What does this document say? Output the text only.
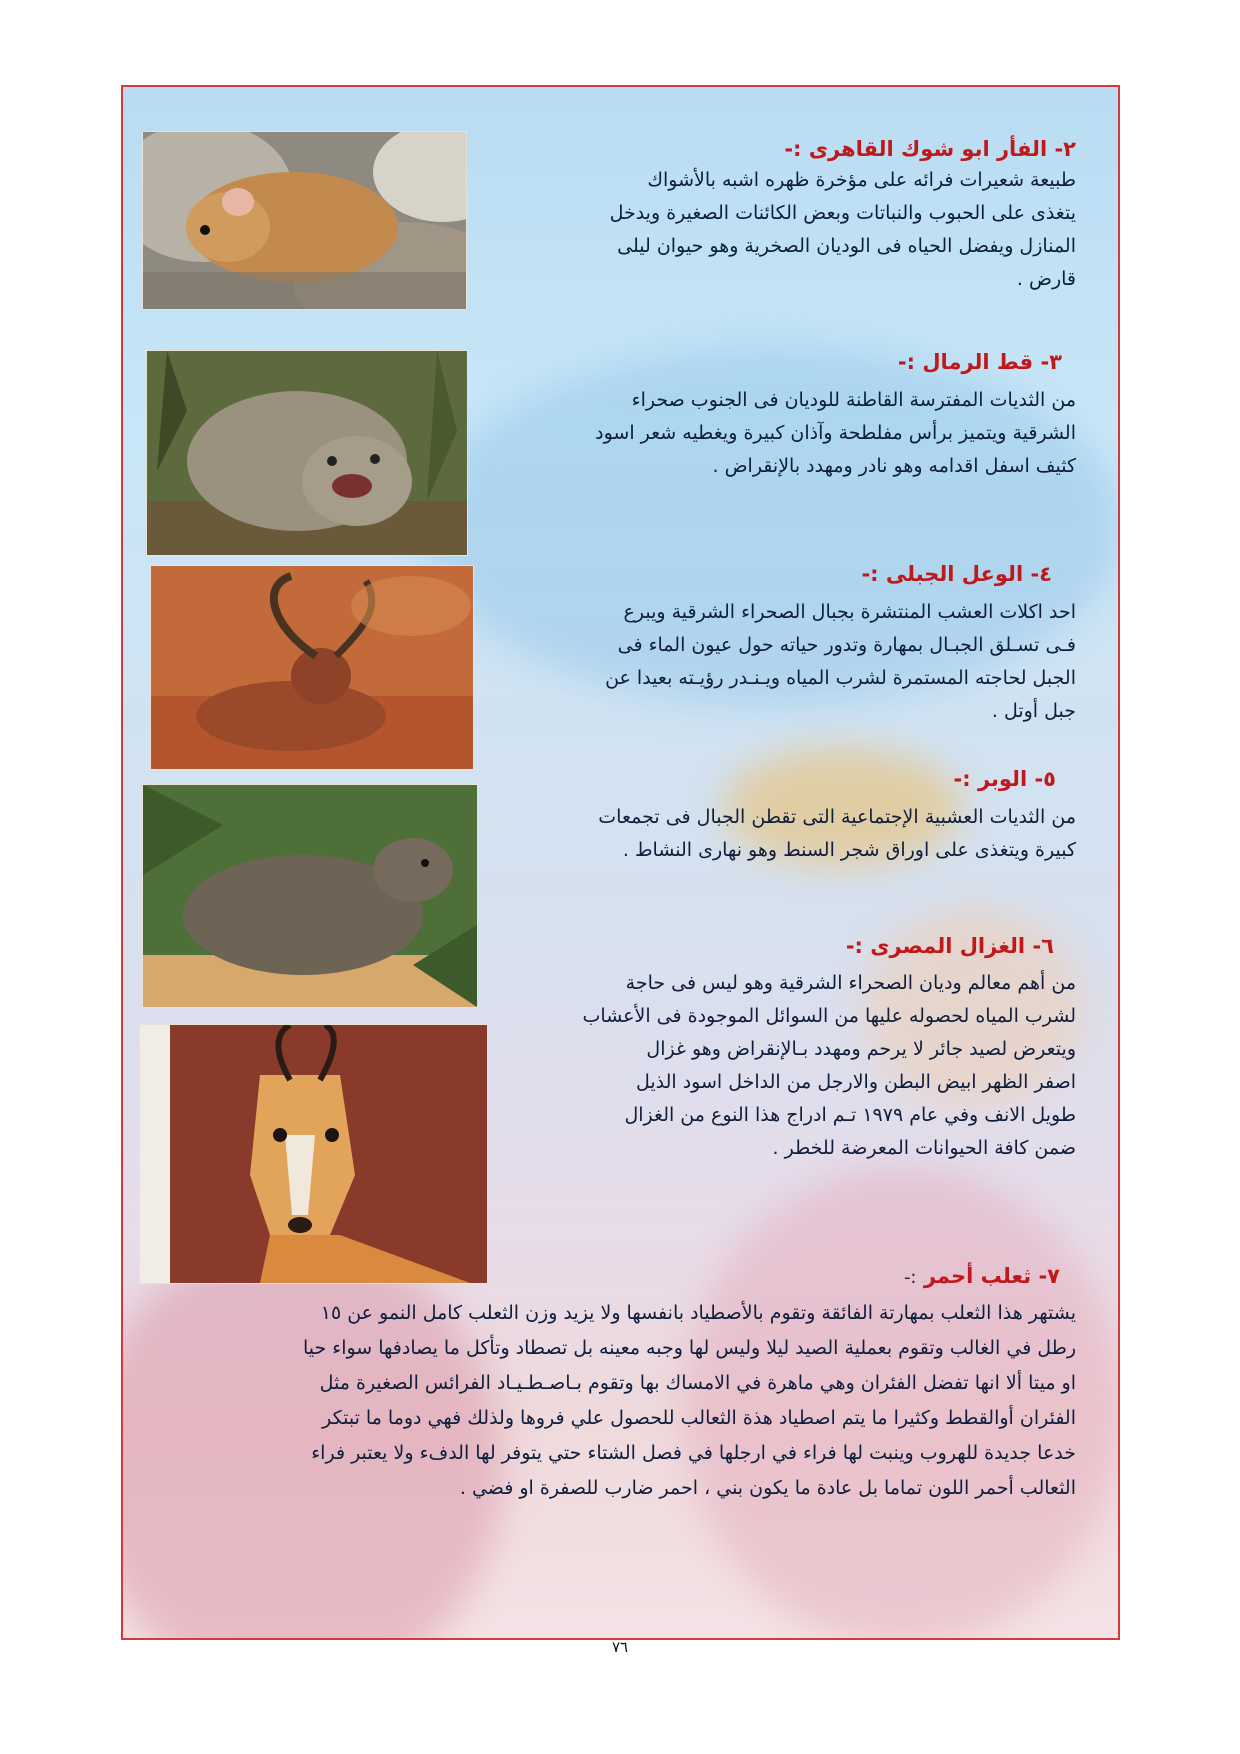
٢- الفأر ابو شوك القاهرى :-
طبيعة شعيرات فرائه على مؤخرة ظهره اشبه بالأشواك
يتغذى على الحبوب والنباتات وبعض الكائنات الصغيرة ويدخل
المنازل ويفضل الحياه فى الوديان الصخرية وهو حيوان ليلى
قارض .
٣- قط الرمال :-
من الثديات المفترسة القاطنة للوديان فى الجنوب صحراء
الشرقية ويتميز برأس مفلطحة وآذان كبيرة ويغطيه شعر اسود
كثيف اسفل اقدامه وهو نادر ومهدد بالإنقراض .
٤- الوعل الجبلى :-
احد اكلات العشب المنتشرة بجبال الصحراء الشرقية ويبرع
فـى تسـلق الجبـال بمهارة وتدور حياته حول عيون الماء فى
الجبل لحاجته المستمرة لشرب المياه ويـنـدر رؤيـته بعيدا عن
جبل أوتل .
٥- الوبر :-
من الثديات العشبية الإجتماعية التى تقطن الجبال فى تجمعات
كبيرة ويتغذى على اوراق شجر السنط وهو نهارى النشاط .
٦- الغزال المصرى :-
من أهم معالم وديان الصحراء الشرقية وهو ليس فى حاجة
لشرب المياه لحصوله عليها من السوائل الموجودة فى الأعشاب
ويتعرض لصيد جائر لا يرحم ومهدد بـالإنقراض وهو غزال
اصفر الظهر ابيض البطن والارجل من الداخل اسود الذيل
طويل الانف وفي عام ١٩٧٩ تـم ادراج هذا النوع من الغزال
ضمن كافة الحيوانات المعرضة للخطر .
٧- ثعلب أحمر :-
يشتهر هذا الثعلب بمهارتة الفائقة وتقوم بالأصطياد بانفسها ولا يزيد وزن الثعلب كامل النمو عن ١٥
رطل في الغالب وتقوم بعملية الصيد ليلا وليس لها وجبه معينه بل تصطاد وتأكل ما يصادفها سواء حيا
او ميتا ألا انها تفضل الفئران وهي ماهرة في الامساك بها وتقوم بـاصـطـيـاد الفرائس الصغيرة مثل
الفئران أوالقطط وكثيرا ما يتم اصطياد هذة الثعالب للحصول علي فروها ولذلك فهي دوما ما تبتكر
خدعا جديدة للهروب وينبت لها فراء في ارجلها في فصل الشتاء حتي يتوفر لها الدفء ولا يعتبر فراء
الثعالب أحمر اللون تماما بل عادة ما يكون بني ، احمر ضارب للصفرة او فضي .
٧٦
